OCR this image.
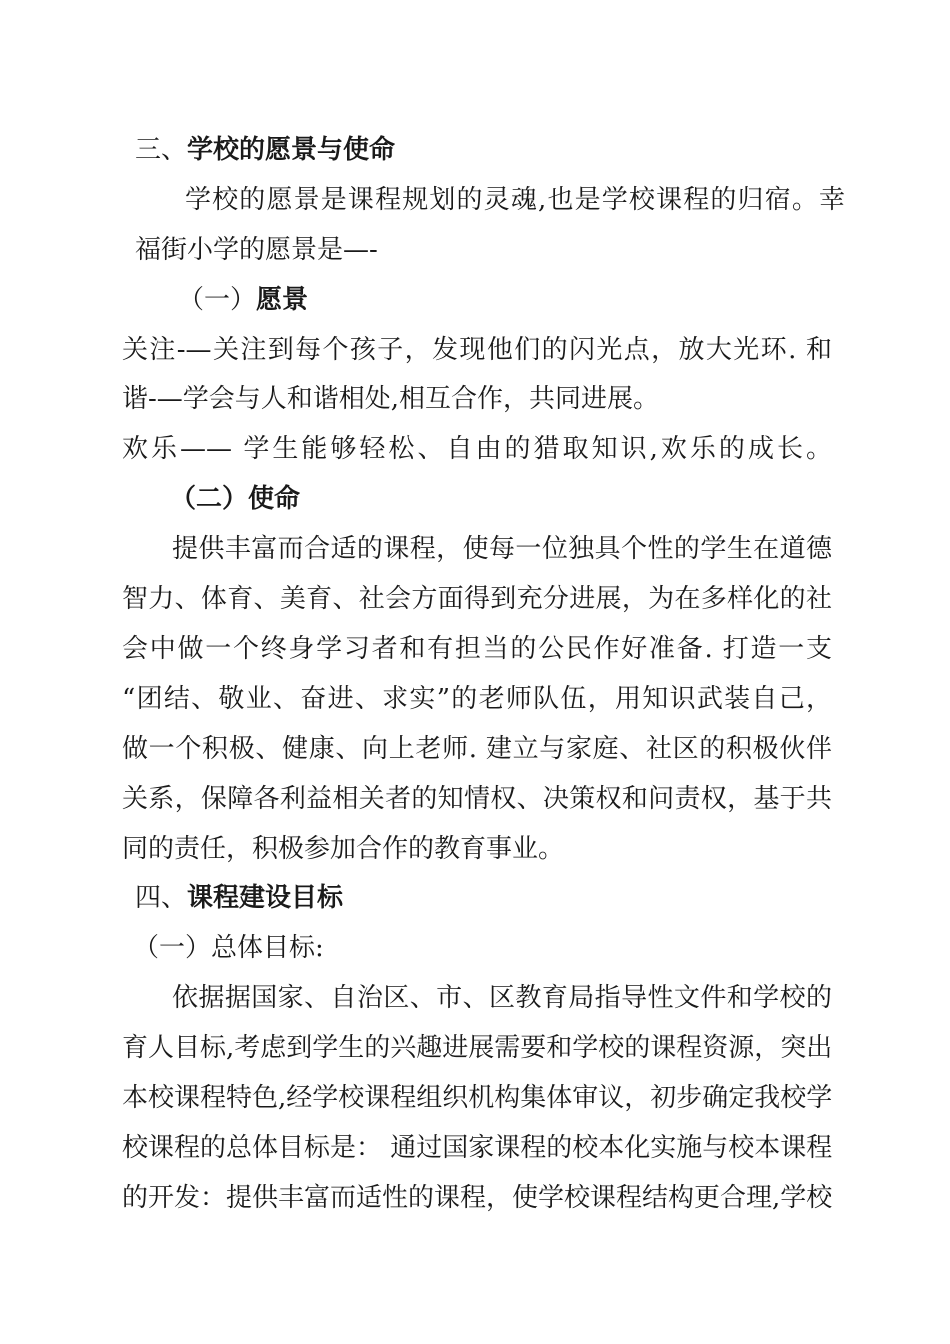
三、学校的愿景与使命
学校的愿景是课程规划的灵魂,也是学校课程的归宿。幸
福街小学的愿景是—-
（一）愿景
关注-—关注到每个孩子，发现他们的闪光点，放大光环. 和
谐-—学会与人和谐相处,相互合作，共同进展。
欢乐—— 学生能够轻松、自由的猎取知识,欢乐的成长。
（二）使命
提供丰富而合适的课程，使每一位独具个性的学生在道德
智力、体育、美育、社会方面得到充分进展，为在多样化的社
会中做一个终身学习者和有担当的公民作好准备. 打造一支
“团结、敬业、奋进、求实”的老师队伍，用知识武装自己，
做一个积极、健康、向上老师. 建立与家庭、社区的积极伙伴
关系，保障各利益相关者的知情权、决策权和问责权，基于共
同的责任，积极参加合作的教育事业。
四、课程建设目标
（一）总体目标:
依据据国家、自治区、市、区教育局指导性文件和学校的
育人目标,考虑到学生的兴趣进展需要和学校的课程资源，突出
本校课程特色,经学校课程组织机构集体审议，初步确定我校学
校课程的总体目标是： 通过国家课程的校本化实施与校本课程
的开发：提供丰富而适性的课程，使学校课程结构更合理,学校
